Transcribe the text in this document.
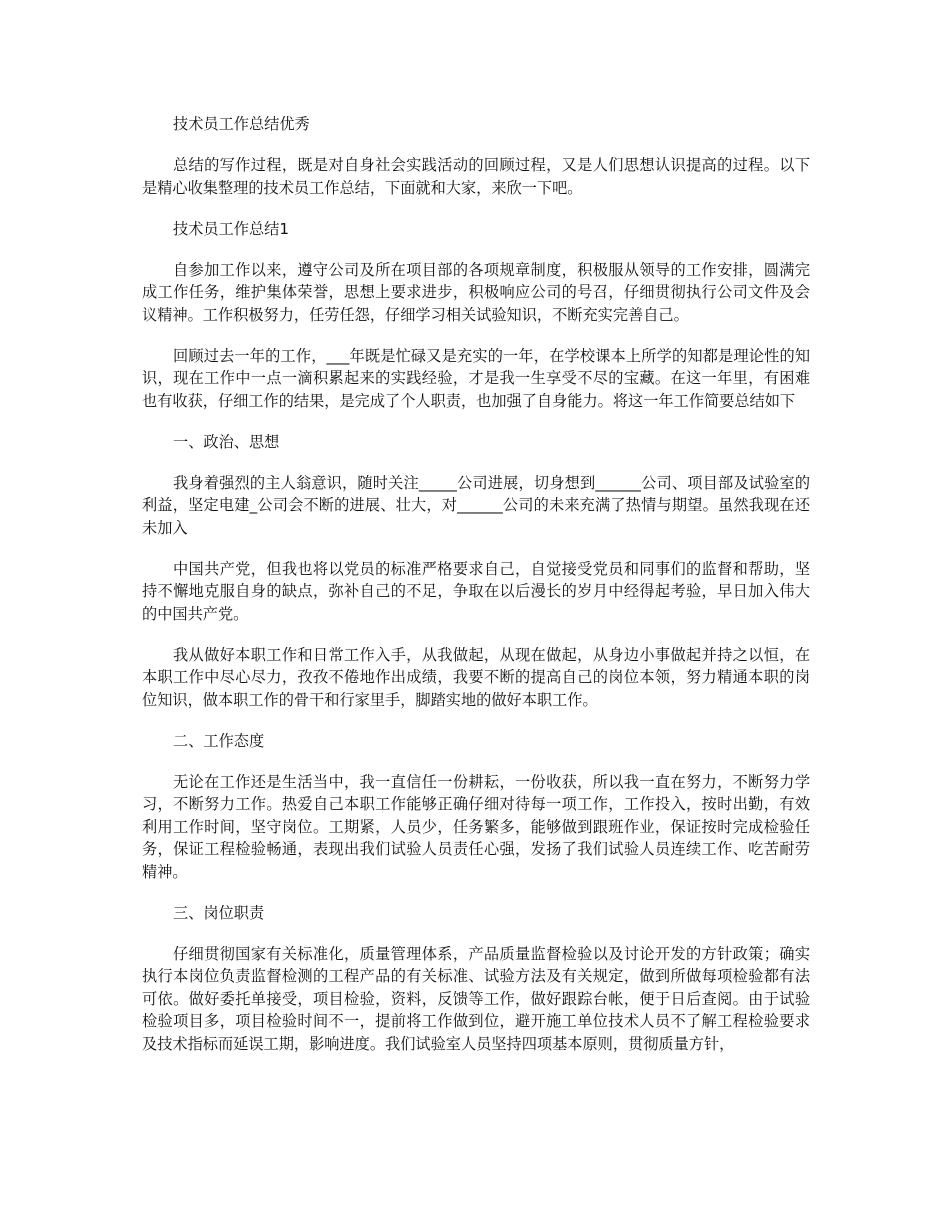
技术员工作总结优秀

总结的写作过程，既是对自身社会实践活动的回顾过程，又是人们思想认识提高的过程。以下是精心收集整理的技术员工作总结，下面就和大家，来欣一下吧。

技术员工作总结1

自参加工作以来，遵守公司及所在项目部的各项规章制度，积极服从领导的工作安排，圆满完成工作任务，维护集体荣誉，思想上要求进步，积极响应公司的号召，仔细贯彻执行公司文件及会议精神。工作积极努力，任劳任怨，仔细学习相关试验知识，不断充实完善自己。

回顾过去一年的工作，___年既是忙碌又是充实的一年，在学校课本上所学的知都是理论性的知识，现在工作中一点一滴积累起来的实践经验，才是我一生享受不尽的宝藏。在这一年里，有困难也有收获，仔细工作的结果，是完成了个人职责，也加强了自身能力。将这一年工作简要总结如下

一、政治、思想

我身着强烈的主人翁意识，随时关注_____公司进展，切身想到______公司、项目部及试验室的利益，坚定电建_公司会不断的进展、壮大，对______公司的未来充满了热情与期望。虽然我现在还未加入

中国共产党，但我也将以党员的标准严格要求自己，自觉接受党员和同事们的监督和帮助，坚持不懈地克服自身的缺点，弥补自己的不足，争取在以后漫长的岁月中经得起考验，早日加入伟大的中国共产党。

我从做好本职工作和日常工作入手，从我做起，从现在做起，从身边小事做起并持之以恒，在本职工作中尽心尽力，孜孜不倦地作出成绩，我要不断的提高自己的岗位本领，努力精通本职的岗位知识，做本职工作的骨干和行家里手，脚踏实地的做好本职工作。

二、工作态度

无论在工作还是生活当中，我一直信任一份耕耘，一份收获，所以我一直在努力，不断努力学习，不断努力工作。热爱自己本职工作能够正确仔细对待每一项工作，工作投入，按时出勤，有效利用工作时间，坚守岗位。工期紧，人员少，任务繁多，能够做到跟班作业，保证按时完成检验任务，保证工程检验畅通，表现出我们试验人员责任心强，发扬了我们试验人员连续工作、吃苦耐劳精神。

三、岗位职责

仔细贯彻国家有关标准化，质量管理体系，产品质量监督检验以及讨论开发的方针政策；确实执行本岗位负责监督检测的工程产品的有关标准、试验方法及有关规定，做到所做每项检验都有法可依。做好委托单接受，项目检验，资料，反馈等工作，做好跟踪台帐，便于日后查阅。由于试验检验项目多，项目检验时间不一，提前将工作做到位，避开施工单位技术人员不了解工程检验要求及技术指标而延误工期，影响进度。我们试验室人员坚持四项基本原则，贯彻质量方针，
